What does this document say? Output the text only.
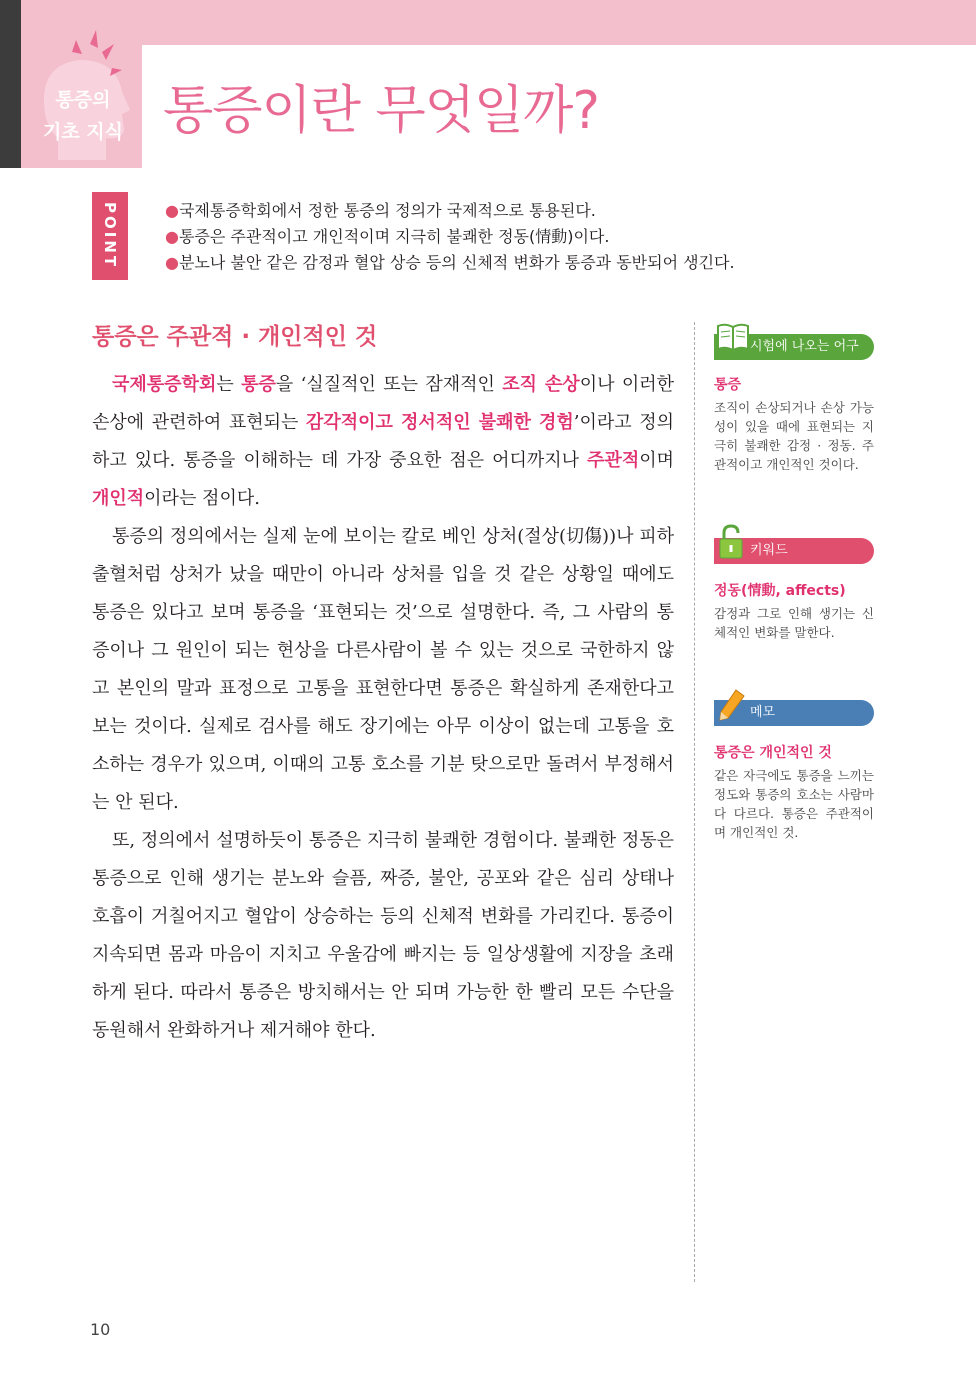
통증의
기초 지식 통증이란 무엇일까?
POINT	●국제통증학회에서 정한 통증의 정의가 국제적으로 통용된다.
●통증은 주관적이고 개인적이며 지극히 불쾌한 정동(情動)이다.
●분노나 불안 같은 감정과 혈압 상승 등의 신체적 변화가 통증과 동반되어 생긴다.
통증은 주관적 · 개인적인 것

국제통증학회는 통증을 ‘실질적인 또는 잠재적인 조직 손상이나 이러한 손상에 관련하여 표현되는 감각적이고 정서적인 불쾌한 경험’이라고 정의하고 있다. 통증을 이해하는 데 가장 중요한 점은 어디까지나 주관적이며 개인적이라는 점이다.

통증의 정의에서는 실제 눈에 보이는 칼로 베인 상처(절상(切傷))나 피하출혈처럼 상처가 났을 때만이 아니라 상처를 입을 것 같은 상황일 때에도 통증은 있다고 보며 통증을 ‘표현되는 것’으로 설명한다. 즉, 그 사람의 통증이나 그 원인이 되는 현상을 다른사람이 볼 수 있는 것으로 국한하지 않고 본인의 말과 표정으로 고통을 표현한다면 통증은 확실하게 존재한다고 보는 것이다. 실제로 검사를 해도 장기에는 아무 이상이 없는데 고통을 호소하는 경우가 있으며, 이때의 고통 호소를 기분 탓으로만 돌려서 부정해서는 안 된다.

또, 정의에서 설명하듯이 통증은 지극히 불쾌한 경험이다. 불쾌한 정동은 통증으로 인해 생기는 분노와 슬픔, 짜증, 불안, 공포와 같은 심리 상태나 호흡이 거칠어지고 혈압이 상승하는 등의 신체적 변화를 가리킨다. 통증이 지속되면 몸과 마음이 지치고 우울감에 빠지는 등 일상생활에 지장을 초래하게 된다. 따라서 통증은 방치해서는 안 되며 가능한 한 빨리 모든 수단을 동원해서 완화하거나 제거해야 한다.

시험에 나오는 어구
통증
조직이 손상되거나 손상 가능성이 있을 때에 표현되는 지극히 불쾌한 감정 · 정동. 주관적이고 개인적인 것이다.
키워드
정동(情動, affects)
감정과 그로 인해 생기는 신체적인 변화를 말한다.
메모
통증은 개인적인 것
같은 자극에도 통증을 느끼는 정도와 통증의 호소는 사람마다 다르다. 통증은 주관적이며 개인적인 것.
10
